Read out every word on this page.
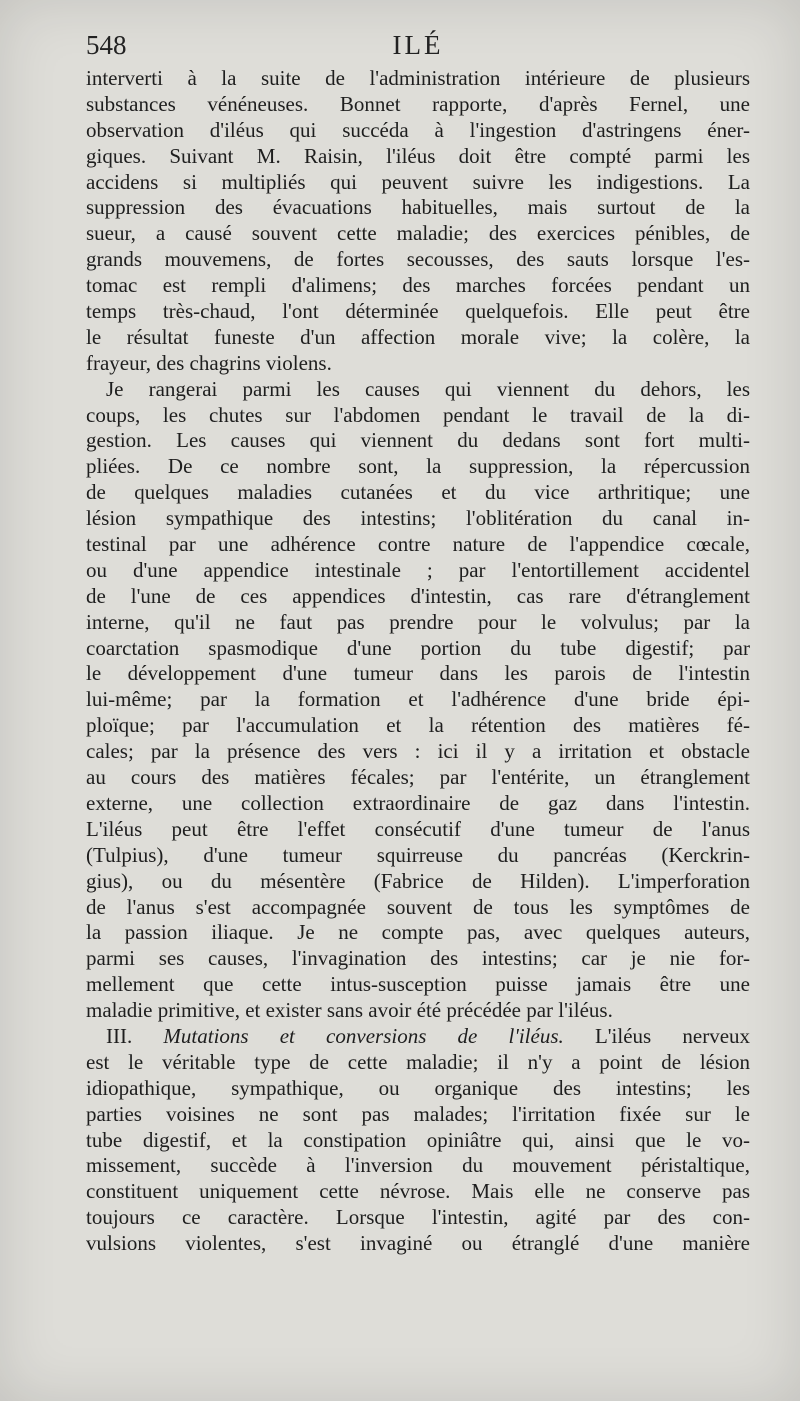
548	ILÉ
interverti à la suite de l'administration intérieure de plusieurs
substances vénéneuses. Bonnet rapporte, d'après Fernel, une
observation d'iléus qui succéda à l'ingestion d'astringens éner-
giques. Suivant M. Raisin, l'iléus doit être compté parmi les
accidens si multipliés qui peuvent suivre les indigestions. La
suppression des évacuations habituelles, mais surtout de la
sueur, a causé souvent cette maladie; des exercices pénibles, de
grands mouvemens, de fortes secousses, des sauts lorsque l'es-
tomac est rempli d'alimens; des marches forcées pendant un
temps très-chaud, l'ont déterminée quelquefois. Elle peut être
le résultat funeste d'un affection morale vive; la colère, la
frayeur, des chagrins violens.
Je rangerai parmi les causes qui viennent du dehors, les
coups, les chutes sur l'abdomen pendant le travail de la di-
gestion. Les causes qui viennent du dedans sont fort multi-
pliées. De ce nombre sont, la suppression, la répercussion
de quelques maladies cutanées et du vice arthritique; une
lésion sympathique des intestins; l'oblitération du canal in-
testinal par une adhérence contre nature de l'appendice cœcale,
ou d'une appendice intestinale ; par l'entortillement accidentel
de l'une de ces appendices d'intestin, cas rare d'étranglement
interne, qu'il ne faut pas prendre pour le volvulus; par la
coarctation spasmodique d'une portion du tube digestif; par
le développement d'une tumeur dans les parois de l'intestin
lui-même; par la formation et l'adhérence d'une bride épi-
ploïque; par l'accumulation et la rétention des matières fé-
cales; par la présence des vers : ici il y a irritation et obstacle
au cours des matières fécales; par l'entérite, un étranglement
externe, une collection extraordinaire de gaz dans l'intestin.
L'iléus peut être l'effet consécutif d'une tumeur de l'anus
(Tulpius), d'une tumeur squirreuse du pancréas (Kerckrin-
gius), ou du mésentère (Fabrice de Hilden). L'imperforation
de l'anus s'est accompagnée souvent de tous les symptômes de
la passion iliaque. Je ne compte pas, avec quelques auteurs,
parmi ses causes, l'invagination des intestins; car je nie for-
mellement que cette intus-susception puisse jamais être une
maladie primitive, et exister sans avoir été précédée par l'iléus.
III. Mutations et conversions de l'iléus. L'iléus nerveux
est le véritable type de cette maladie; il n'y a point de lésion
idiopathique, sympathique, ou organique des intestins; les
parties voisines ne sont pas malades; l'irritation fixée sur le
tube digestif, et la constipation opiniâtre qui, ainsi que le vo-
missement, succède à l'inversion du mouvement péristaltique,
constituent uniquement cette névrose. Mais elle ne conserve pas
toujours ce caractère. Lorsque l'intestin, agité par des con-
vulsions violentes, s'est invaginé ou étranglé d'une manière
